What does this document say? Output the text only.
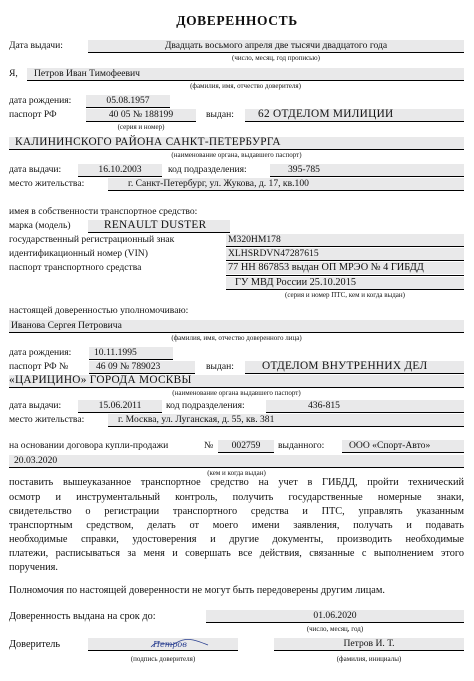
ДОВЕРЕННОСТЬ
Дата выдачи:	Двадцать восьмого апреля две тысячи двадцатого года
(число, месяц, год прописью)
Я, Петров Иван Тимофеевич
(фамилия, имя, отчество доверителя)
дата рождения:	05.08.1957
паспорт РФ	40 05 № 188199
(серия и номер)
выдан: 62 ОТДЕЛОМ МИЛИЦИИ
КАЛИНИНСКОГО РАЙОНА САНКТ-ПЕТЕРБУРГА
(наименование органа, выдавшего паспорт)
дата выдачи:	16.10.2003	код подразделения:	395-785
место жительства:	г. Санкт-Петербург, ул. Жукова, д. 17, кв.100
имея в собственности транспортное средство:
марка (модель)	RENAULT DUSTER
государственный регистрационный знак	М320НМ178
идентификационный номер (VIN)	XLHSRDVN47287615
паспорт транспортного средства	77 НН 867853 выдан ОП МРЭО № 4 ГИБДД
ГУ МВД России 25.10.2015
(серия и номер ПТС, кем и когда выдан)
настоящей доверенностью уполномочиваю:
Иванова Сергея Петровича
(фамилия, имя, отчество доверенного лица)
дата рождения: 10.11.1995
паспорт РФ №	46 09 № 789023	выдан: ОТДЕЛОМ ВНУТРЕННИХ ДЕЛ
«ЦАРИЦИНО» ГОРОДА МОСКВЫ
(наименование органа выдавшего паспорт)
дата выдачи:	15.06.2011	код подразделения:	436-815
место жительства:	г. Москва, ул. Луганская, д. 55, кв. 381
на основании договора купли-продажи	№	002759	выданного:	ООО «Спорт-Авто»
20.03.2020
(кем и когда выдан)
поставить вышеуказанное транспортное средство на учет в ГИБДД, пройти технический
осмотр и инструментальный контроль, получить государственные номерные знаки,
свидетельство о регистрации транспортного средства и ПТС, управлять указанным
транспортным средством, делать от моего имени заявления, получать и подавать
необходимые справки, удостоверения и другие документы, производить необходимые
платежи, расписываться за меня и совершать все действия, связанные с выполнением этого
поручения.
Полномочия по настоящей доверенности не могут быть передоверены другим лицам.
Доверенность выдана на срок до:	01.06.2020
(число, месяц, год)
Доверитель	Петров
(подпись доверителя)
Петров И. Т.
(фамилия, инициалы)
